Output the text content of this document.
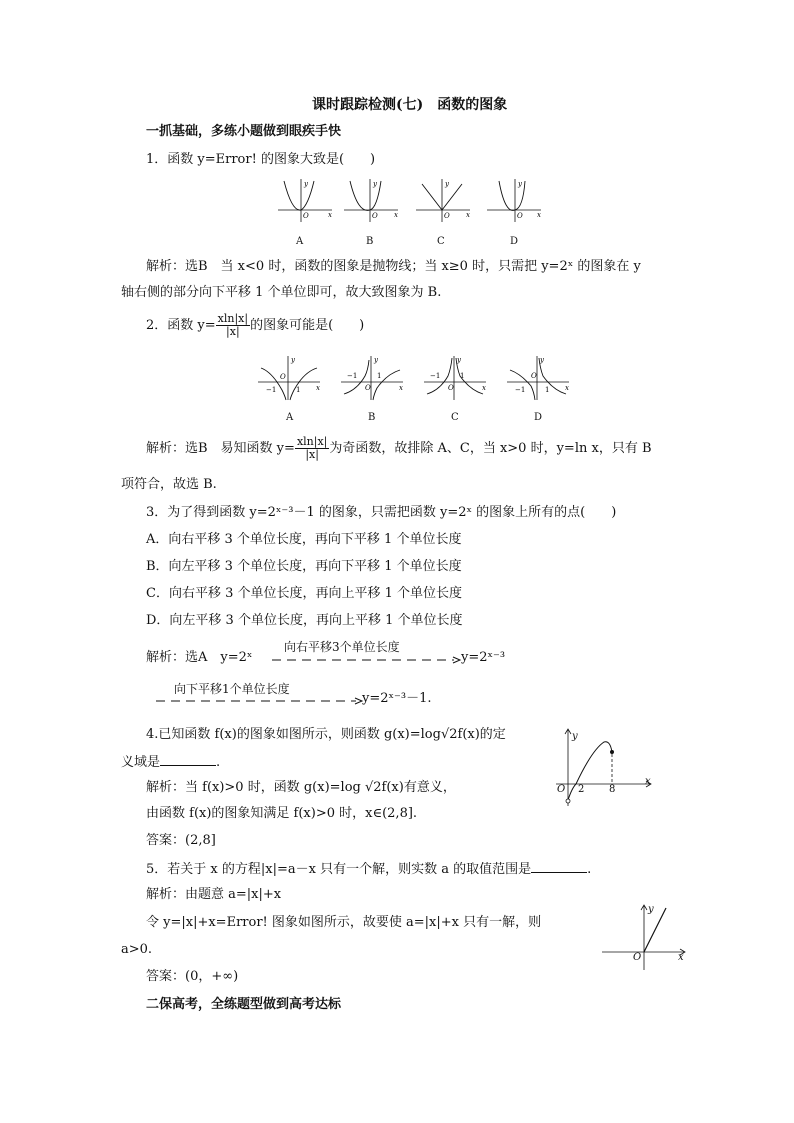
课时跟踪检测(七)　函数的图象
一抓基础，多练小题做到眼疾手快
1．函数 y=Error! 的图象大致是(　　)
y
x
O
y
x
O
y
x
O
y
x
O
A	B	C	D
解析：选B　当 x<0 时，函数的图象是抛物线；当 x≥0 时，只需把 y=2ˣ 的图象在 y
轴右侧的部分向下平移 1 个单位即可，故大致图象为 B.
2．函数 $y= \frac{xln|x|}{|x|}$ 的图象可能是(　　)
y
x
O
−1	1
y
x
O
−1	1
y
x
O
−1	1
y
x
O
−1	1
A	B	C	D
解析：选B　易知函数 $y= \frac{xln|x|}{|x|}$ 为奇函数，故排除 A、C，当 x>0 时，y=ln x，只有 B
项符合，故选 B.
3．为了得到函数 y=2ˣ⁻³－1 的图象，只需把函数 y=2ˣ 的图象上所有的点(　　)
A．向右平移 3 个单位长度，再向下平移 1 个单位长度
B．向左平移 3 个单位长度，再向下平移 1 个单位长度
C．向右平移 3 个单位长度，再向上平移 1 个单位长度
D．向左平移 3 个单位长度，再向上平移 1 个单位长度
解析：选A　y=2ˣ
向右平移3个单位长度
y=2ˣ⁻³
向下平移1个单位长度
y=2ˣ⁻³－1.
4.已知函数 f(x)的图象如图所示，则函数 g(x)=log√2f(x)的定
义域是	.
解析：当 f(x)>0 时，函数 g(x)=log √2f(x)有意义，
由函数 f(x)的图象知满足 f(x)>0 时，x∈(2,8].
答案：(2,8]
y
x
O 2 8
5．若关于 x 的方程|x|=a－x 只有一个解，则实数 a 的取值范围是	.
解析：由题意 a=|x|+x
令 y=|x|+x=Error! 图象如图所示，故要使 a=|x|+x 只有一解，则
a>0.
答案：(0，+∞)
y
x
O
二保高考，全练题型做到高考达标
